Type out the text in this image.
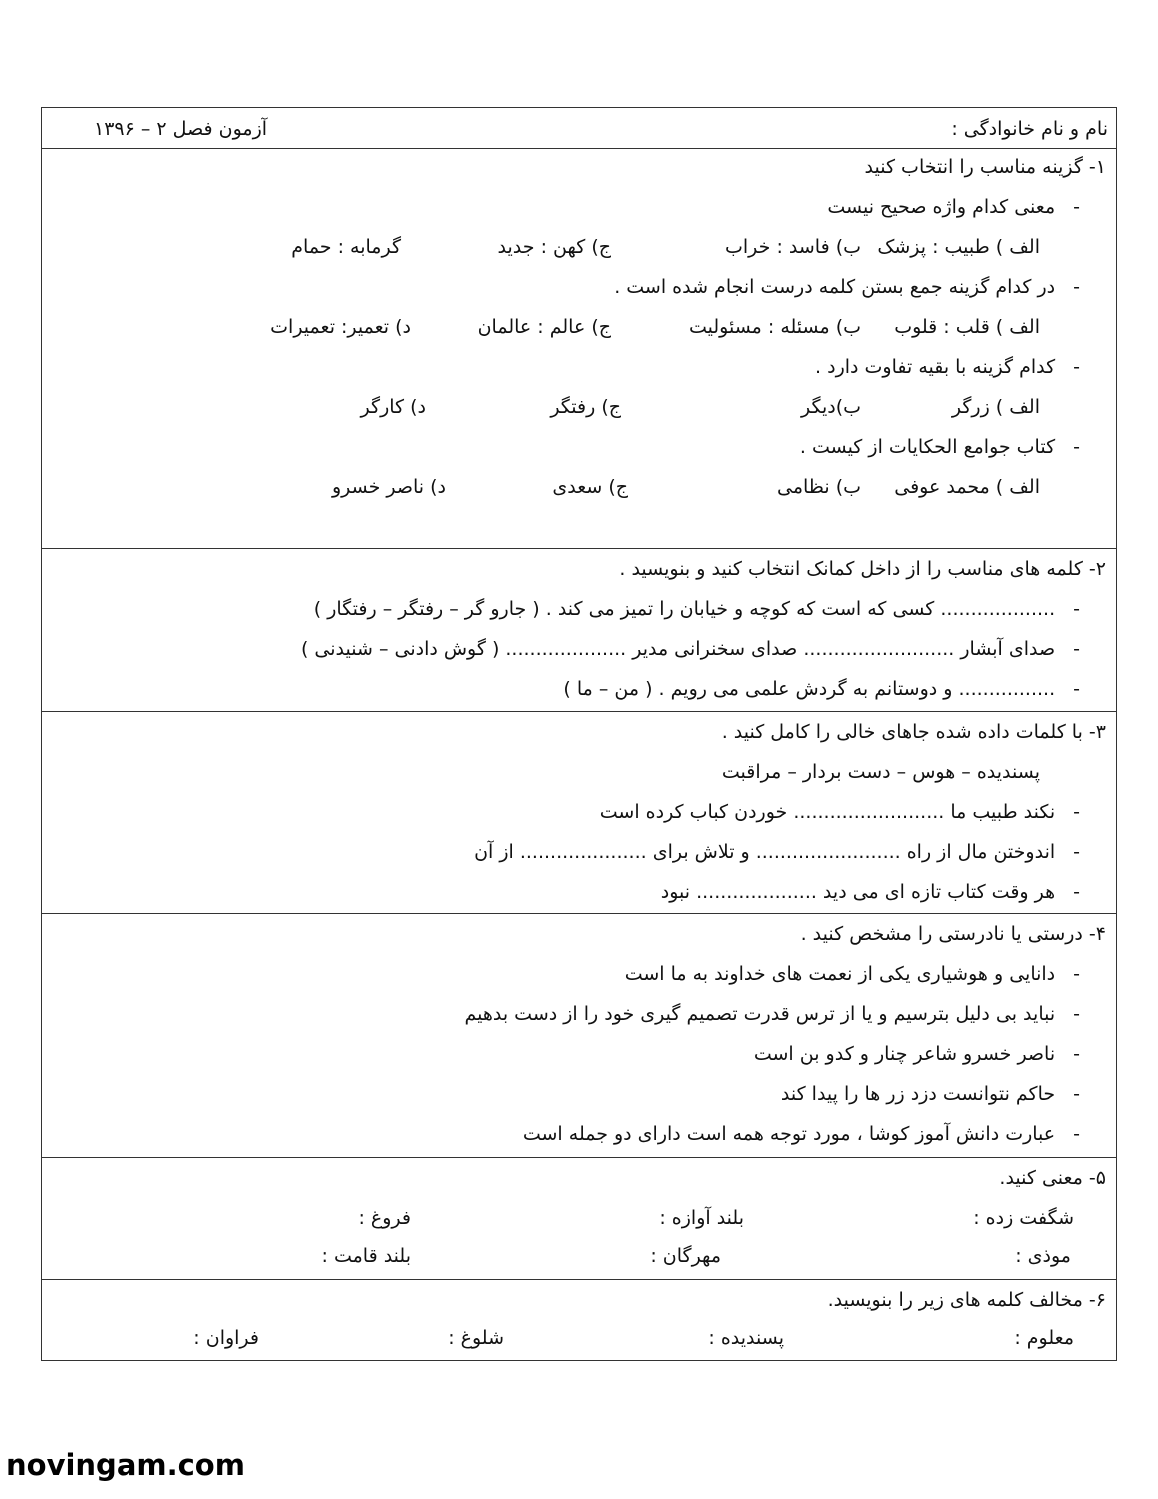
نام و نام خانوادگی :
آزمون فصل ۲ – ۱۳۹۶
۱- گزینه مناسب را انتخاب کنید
-معنی کدام واژه صحیح نیست
الف ) طبیب : پزشک
ب) فاسد : خراب
ج) کهن : جدید
گرمابه : حمام
-در کدام گزینه جمع بستن کلمه درست انجام شده است .
الف ) قلب : قلوب
ب) مسئله : مسئولیت
ج) عالم : عالمان
د) تعمیر: تعمیرات
-کدام گزینه با بقیه تفاوت دارد .
الف ) زرگر
ب)دیگر
ج) رفتگر
د) کارگر
-کتاب جوامع الحکایات از کیست .
الف ) محمد عوفی
ب) نظامی
ج) سعدی
د) ناصر خسرو
۲- کلمه های مناسب را از داخل کمانک انتخاب کنید و بنویسید .
-................... کسی که است که کوچه و خیابان را تمیز می کند . ( جارو گر – رفتگر – رفتگار )
-صدای آبشار ......................... صدای سخنرانی مدیر .................... ( گوش دادنی – شنیدنی )
-................ و دوستانم به گردش علمی می رویم . ( من – ما )
۳- با کلمات داده شده جاهای خالی را کامل کنید .
پسندیده – هوس – دست بردار – مراقبت
-نکند طبیب ما ......................... خوردن کباب کرده است
-اندوختن مال از راه ........................ و تلاش برای ..................... از آن
-هر وقت کتاب تازه ای می دید .................... نبود
۴- درستی یا نادرستی را مشخص کنید .
-دانایی و هوشیاری یکی از نعمت های خداوند به ما است
-نباید بی دلیل بترسیم و یا از ترس قدرت تصمیم گیری خود را از دست بدهیم
-ناصر خسرو شاعر چنار و کدو بن است
-حاکم نتوانست دزد زر ها را پیدا کند
-عبارت دانش آموز کوشا ، مورد توجه همه است دارای دو جمله است
۵- معنی کنید.
شگفت زده :
بلند آوازه :
فروغ :
موذی :
مهرگان :
بلند قامت :
۶- مخالف کلمه های زیر را بنویسید.
معلوم :
پسندیده :
شلوغ :
فراوان :
novingam.com
